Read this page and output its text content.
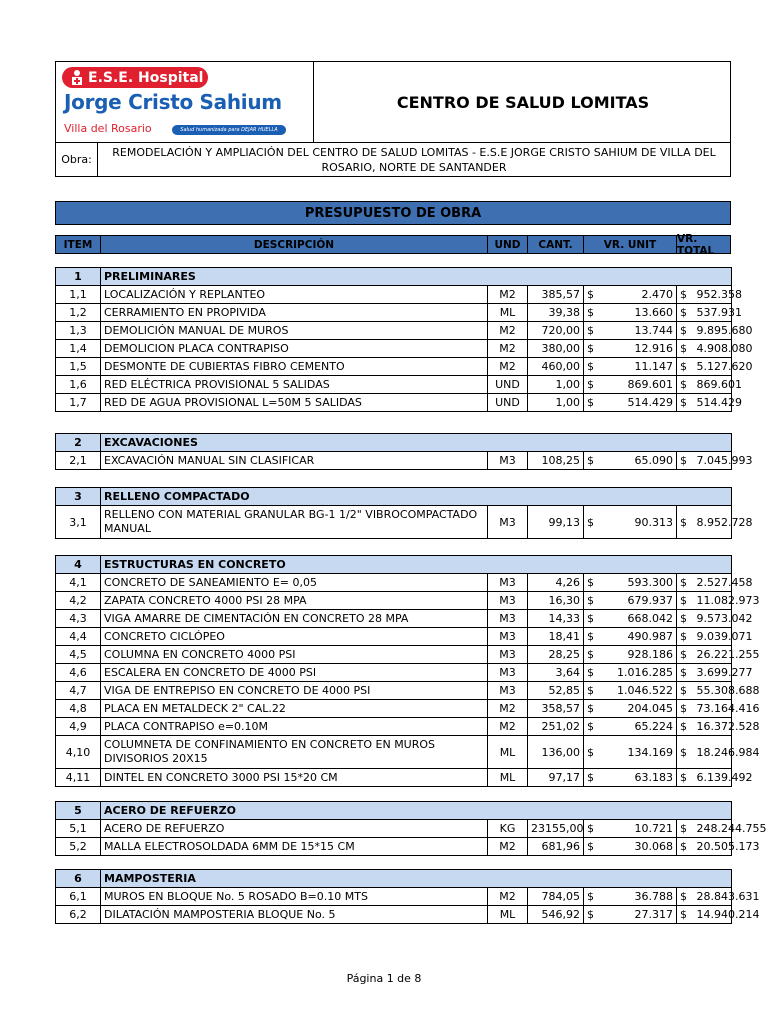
E.S.E. Hospital
Jorge Cristo Sahium
Villa del Rosario	Salud humanizada para DEJAR HUELLA
CENTRO DE SALUD LOMITAS
Obra:
REMODELACIÓN Y AMPLIACIÓN DEL CENTRO DE SALUD LOMITAS - E.S.E JORGE CRISTO SAHIUM DE VILLA DEL ROSARIO, NORTE DE SANTANDER
PRESUPUESTO DE OBRA
ITEM	DESCRIPCIÓN	UND	CANT.	VR. UNIT	VR. TOTAL
1	PRELIMINARES						
1,1	LOCALIZACIÓN Y REPLANTEO	M2	385,57	$	2.470	$	952.358
1,2	CERRAMIENTO EN PROPIVIDA	ML	39,38	$	13.660	$	537.931
1,3	DEMOLICIÓN MANUAL DE MUROS	M2	720,00	$	13.744	$	9.895.680
1,4	DEMOLICION PLACA CONTRAPISO	M2	380,00	$	12.916	$	4.908.080
1,5	DESMONTE DE CUBIERTAS FIBRO CEMENTO	M2	460,00	$	11.147	$	5.127.620
1,6	RED ELÉCTRICA PROVISIONAL 5 SALIDAS	UND	1,00	$	869.601	$	869.601
1,7	RED DE AGUA PROVISIONAL L=50M 5 SALIDAS	UND	1,00	$	514.429	$	514.429
2	EXCAVACIONES						
2,1	EXCAVACIÓN MANUAL SIN CLASIFICAR	M3	108,25	$	65.090	$	7.045.993
3	RELLENO COMPACTADO						
3,1	RELLENO CON MATERIAL GRANULAR BG-1 1/2" VIBROCOMPACTADO MANUAL	M3	99,13	$	90.313	$	8.952.728
4	ESTRUCTURAS EN CONCRETO						
4,1	CONCRETO DE SANEAMIENTO E= 0,05	M3	4,26	$	593.300	$	2.527.458
4,2	ZAPATA CONCRETO 4000 PSI 28 MPA	M3	16,30	$	679.937	$	11.082.973
4,3	VIGA AMARRE DE CIMENTACIÓN EN CONCRETO 28 MPA	M3	14,33	$	668.042	$	9.573.042
4,4	CONCRETO CICLÓPEO	M3	18,41	$	490.987	$	9.039.071
4,5	COLUMNA EN CONCRETO 4000 PSI	M3	28,25	$	928.186	$	26.221.255
4,6	ESCALERA EN CONCRETO DE 4000 PSI	M3	3,64	$	1.016.285	$	3.699.277
4,7	VIGA DE ENTREPISO EN CONCRETO DE 4000 PSI	M3	52,85	$	1.046.522	$	55.308.688
4,8	PLACA EN METALDECK 2" CAL.22	M2	358,57	$	204.045	$	73.164.416
4,9	PLACA CONTRAPISO e=0.10M	M2	251,02	$	65.224	$	16.372.528
4,10	COLUMNETA DE CONFINAMIENTO EN CONCRETO EN MUROS DIVISORIOS 20X15	ML	136,00	$	134.169	$	18.246.984
4,11	DINTEL EN CONCRETO 3000 PSI 15*20 CM	ML	97,17	$	63.183	$	6.139.492
5	ACERO DE REFUERZO						
5,1	ACERO DE REFUERZO	KG	23155,00	$	10.721	$	248.244.755
5,2	MALLA ELECTROSOLDADA 6MM DE 15*15 CM	M2	681,96	$	30.068	$	20.505.173
6	MAMPOSTERIA						
6,1	MUROS EN BLOQUE No. 5 ROSADO B=0.10 MTS	M2	784,05	$	36.788	$	28.843.631
6,2	DILATACIÓN MAMPOSTERIA BLOQUE No. 5	ML	546,92	$	27.317	$	14.940.214
Página 1 de 8
